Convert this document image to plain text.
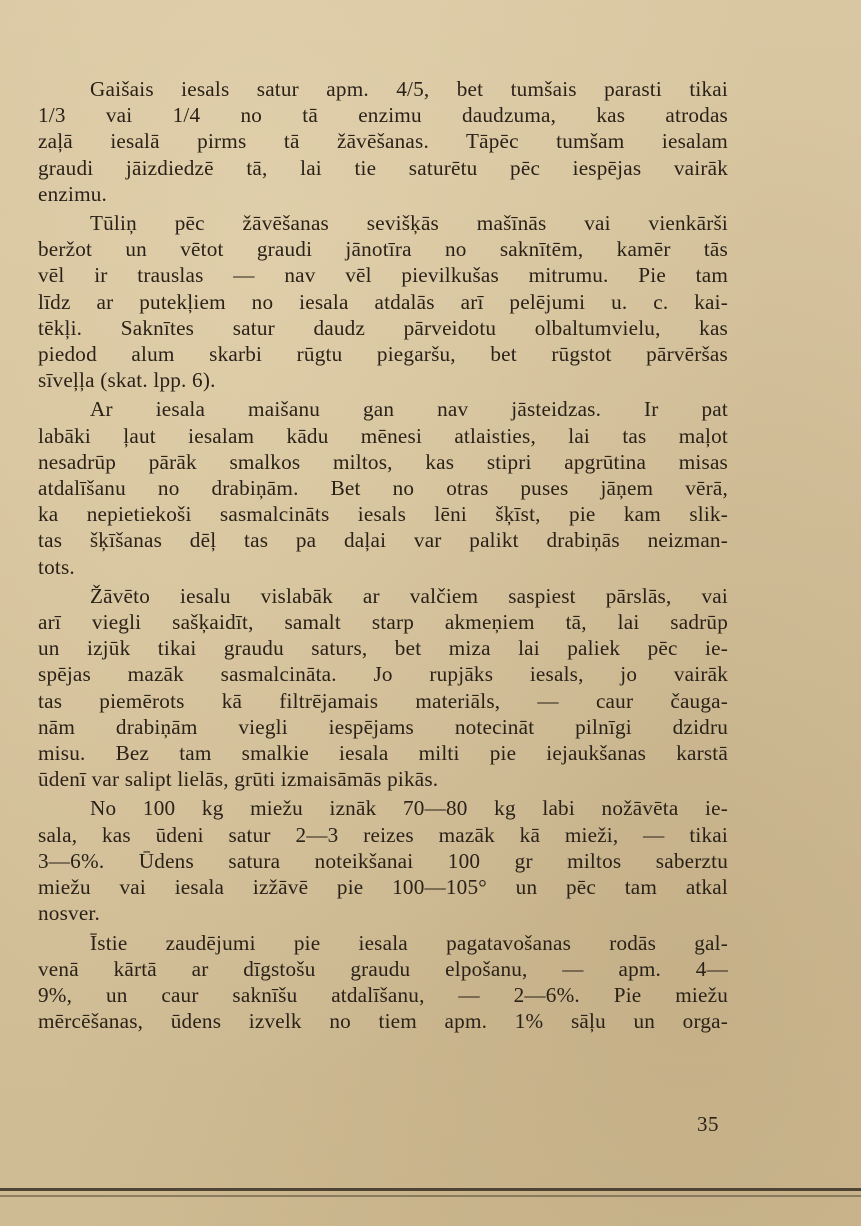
Gaišais iesals satur apm. 4/5, bet tumšais parasti tikai
1/3 vai 1/4 no tā enzimu daudzuma, kas atrodas
zaļā iesalā pirms tā žāvēšanas. Tāpēc tumšam iesalam
graudi jāizdiedzē tā, lai tie saturētu pēc iespējas vairāk
enzimu.

Tūliņ pēc žāvēšanas sevišķās mašīnās vai vienkārši
beržot un vētot graudi jānotīra no saknītēm, kamēr tās
vēl ir trauslas — nav vēl pievilkušas mitrumu. Pie tam
līdz ar putekļiem no iesala atdalās arī pelējumi u. c. kai-
tēkļi. Saknītes satur daudz pārveidotu olbaltumvielu, kas
piedod alum skarbi rūgtu piegaršu, bet rūgstot pārvēršas
sīveļļa (skat. lpp. 6).

Ar iesala maišanu gan nav jāsteidzas. Ir pat
labāki ļaut iesalam kādu mēnesi atlaisties, lai tas maļot
nesadrūp pārāk smalkos miltos, kas stipri apgrūtina misas
atdalīšanu no drabiņām. Bet no otras puses jāņem vērā,
ka nepietiekoši sasmalcināts iesals lēni šķīst, pie kam slik-
tas šķīšanas dēļ tas pa daļai var palikt drabiņās neizman-
tots.

Žāvēto iesalu vislabāk ar valčiem saspiest pārslās, vai
arī viegli sašķaidīt, samalt starp akmeņiem tā, lai sadrūp
un izjūk tikai graudu saturs, bet miza lai paliek pēc ie-
spējas mazāk sasmalcināta. Jo rupjāks iesals, jo vairāk
tas piemērots kā filtrējamais materiāls, — caur čauga-
nām drabiņām viegli iespējams notecināt pilnīgi dzidru
misu. Bez tam smalkie iesala milti pie iejaukšanas karstā
ūdenī var salipt lielās, grūti izmaisāmās pikās.

No 100 kg miežu iznāk 70—80 kg labi nožāvēta ie-
sala, kas ūdeni satur 2—3 reizes mazāk kā mieži, — tikai
3—6%. Ūdens satura noteikšanai 100 gr miltos saberztu
miežu vai iesala izžāvē pie 100—105° un pēc tam atkal
nosver.

Īstie zaudējumi pie iesala pagatavošanas rodās gal-
venā kārtā ar dīgstošu graudu elpošanu, — apm. 4—
9%, un caur saknīšu atdalīšanu, — 2—6%. Pie miežu
mērcēšanas, ūdens izvelk no tiem apm. 1% sāļu un orga-

35
